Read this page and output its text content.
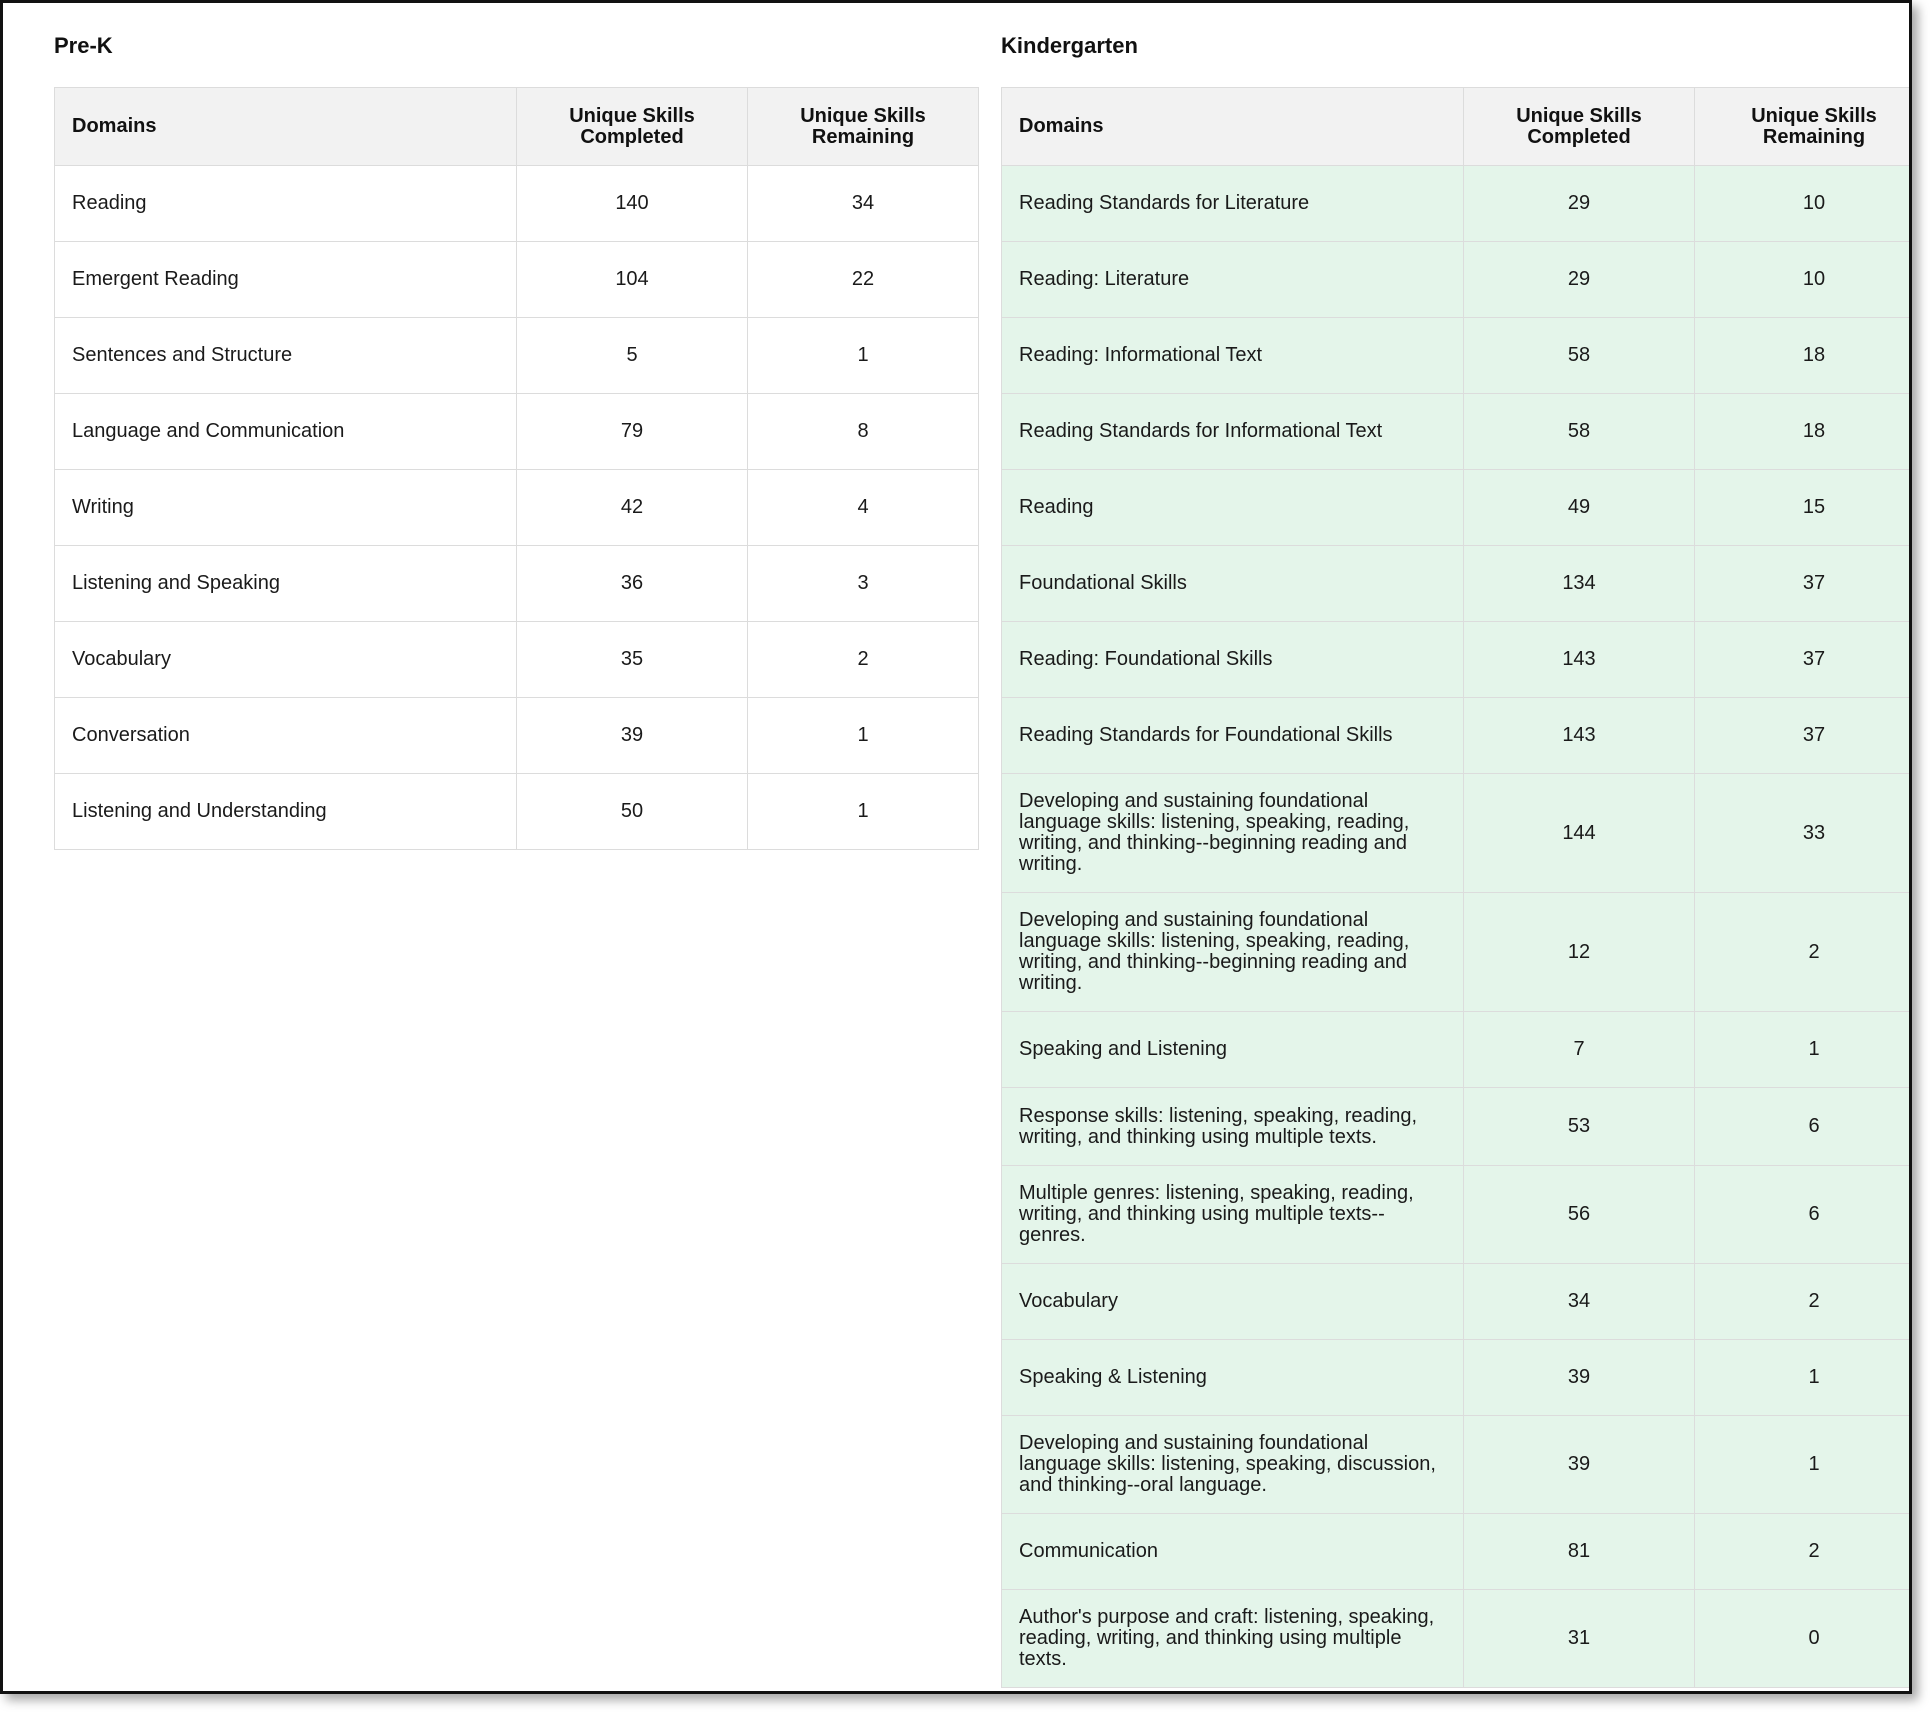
Pre-K
Domains	Unique Skills Completed	Unique Skills Remaining
Reading	140	34
Emergent Reading	104	22
Sentences and Structure	5	1
Language and Communication	79	8
Writing	42	4
Listening and Speaking	36	3
Vocabulary	35	2
Conversation	39	1
Listening and Understanding	50	1
Kindergarten
Domains	Unique Skills Completed	Unique Skills Remaining
Reading Standards for Literature	29	10
Reading: Literature	29	10
Reading: Informational Text	58	18
Reading Standards for Informational Text	58	18
Reading	49	15
Foundational Skills	134	37
Reading: Foundational Skills	143	37
Reading Standards for Foundational Skills	143	37
Developing and sustaining foundational language skills: listening, speaking, reading, writing, and thinking--beginning reading and writing.	144	33
Developing and sustaining foundational language skills: listening, speaking, reading, writing, and thinking--beginning reading and writing.	12	2
Speaking and Listening	7	1
Response skills: listening, speaking, reading, writing, and thinking using multiple texts.	53	6
Multiple genres: listening, speaking, reading, writing, and thinking using multiple texts--genres.	56	6
Vocabulary	34	2
Speaking & Listening	39	1
Developing and sustaining foundational language skills: listening, speaking, discussion, and thinking--oral language.	39	1
Communication	81	2
Author's purpose and craft: listening, speaking, reading, writing, and thinking using multiple texts.	31	0
